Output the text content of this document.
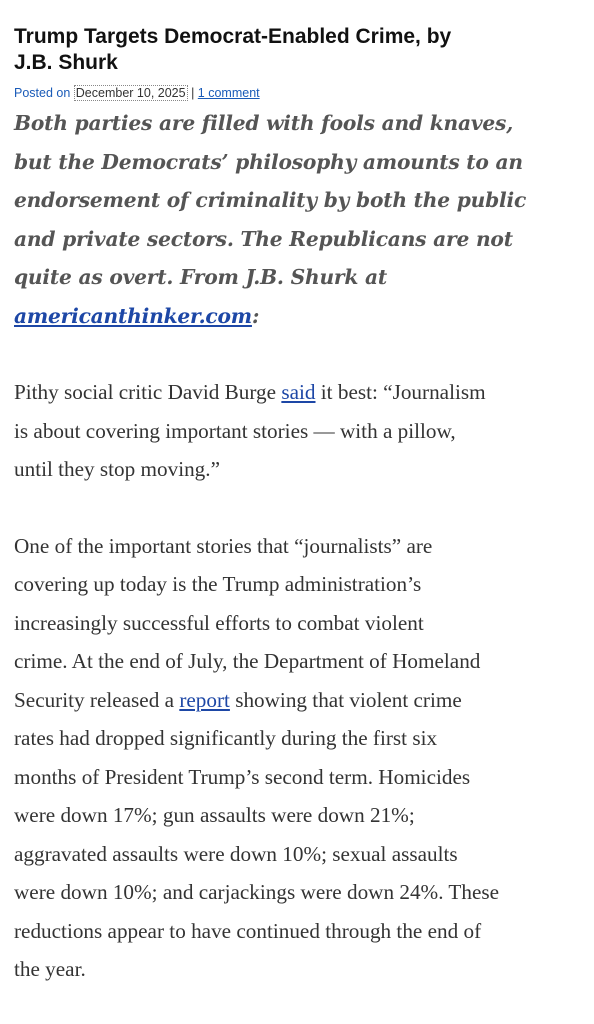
Trump Targets Democrat-Enabled Crime, by
J.B. Shurk
Posted on December 10, 2025 | 1 comment

Both parties are filled with fools and knaves,
but the Democrats’ philosophy amounts to an
endorsement of criminality by both the public
and private sectors. The Republicans are not
quite as overt. From J.B. Shurk at
americanthinker.com:

Pithy social critic David Burge said it best: “Journalism
is about covering important stories — with a pillow,
until they stop moving.”

One of the important stories that “journalists” are
covering up today is the Trump administration’s
increasingly successful efforts to combat violent
crime. At the end of July, the Department of Homeland
Security released a report showing that violent crime
rates had dropped significantly during the first six
months of President Trump’s second term. Homicides
were down 17%; gun assaults were down 21%;
aggravated assaults were down 10%; sexual assaults
were down 10%; and carjackings were down 24%. These
reductions appear to have continued through the end of
the year.
